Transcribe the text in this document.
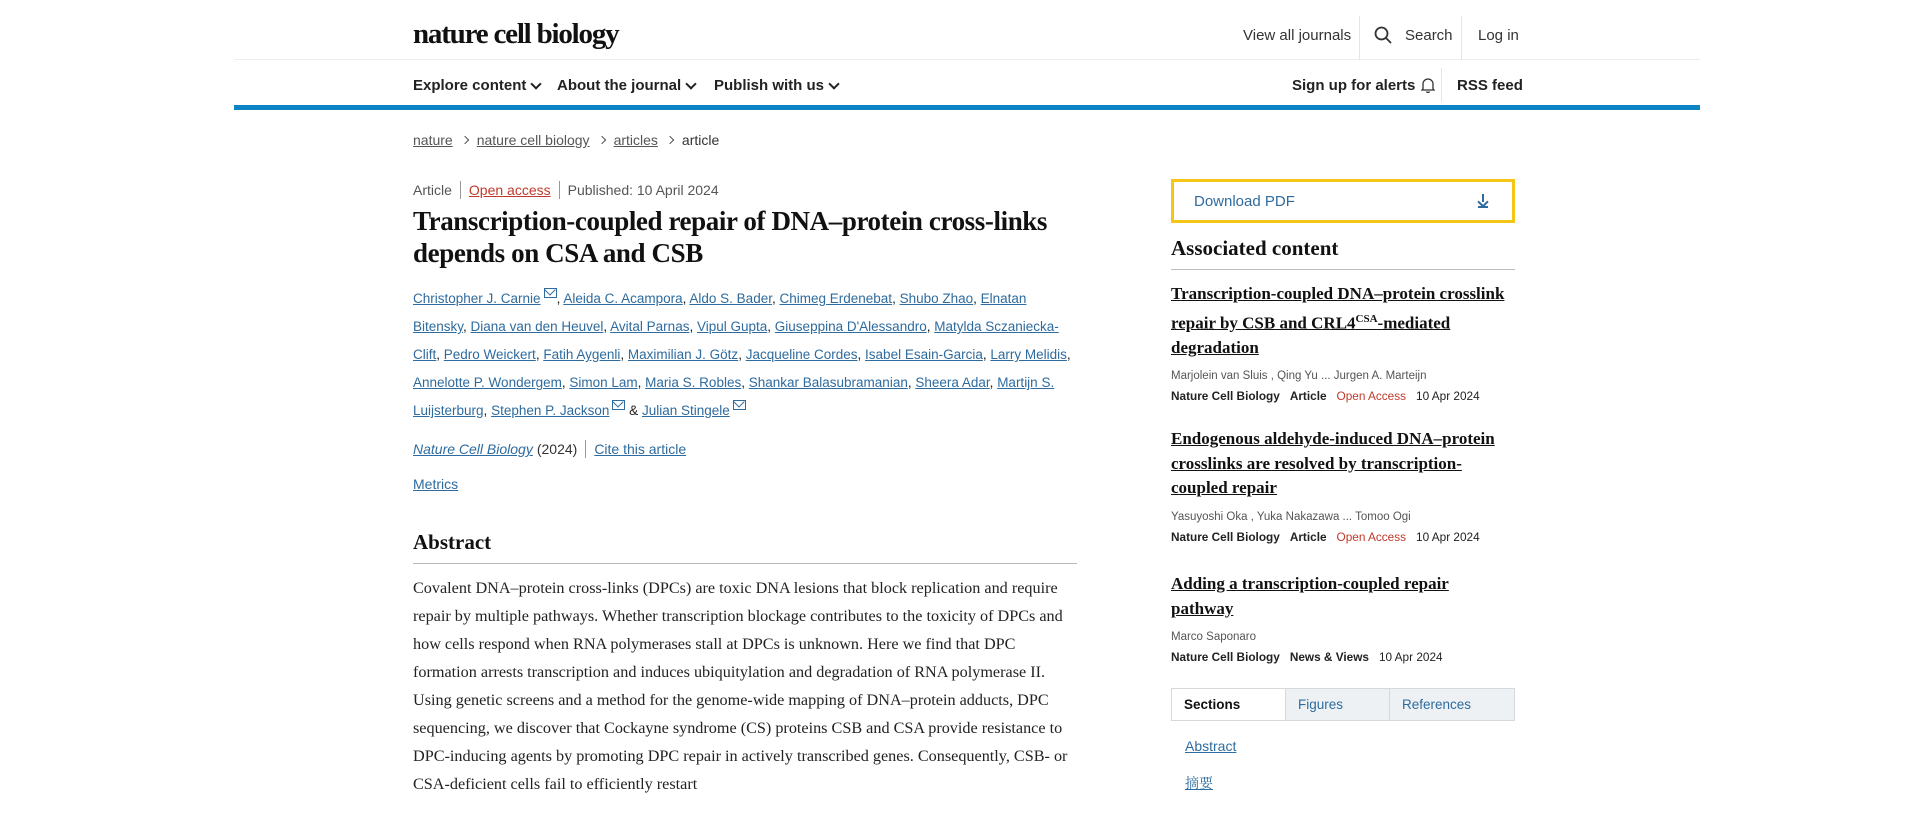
nature cell biology	View all journals	Search Log in
Explore content About the journal Publish with us	Sign up for alerts	RSS feed
nature nature cell biology articles article
Article Open access Published: 10 April 2024
Transcription-coupled repair of DNA–protein cross-links depends on CSA and CSB
Christopher J. Carnie , Aleida C. Acampora, Aldo S. Bader, Chimeg Erdenebat, Shubo Zhao, Elnatan Bitensky, Diana van den Heuvel, Avital Parnas, Vipul Gupta, Giuseppina D'Alessandro, Matylda Sczaniecka-Clift, Pedro Weickert, Fatih Aygenli, Maximilian J. Götz, Jacqueline Cordes, Isabel Esain-Garcia, Larry Melidis, Annelotte P. Wondergem, Simon Lam, Maria S. Robles, Shankar Balasubramanian, Sheera Adar, Martijn S. Luijsterburg, Stephen P. Jackson & Julian Stingele
Nature Cell Biology (2024) Cite this article
Metrics
Abstract

Covalent DNA–protein cross-links (DPCs) are toxic DNA lesions that block replication and require repair by multiple pathways. Whether transcription blockage contributes to the toxicity of DPCs and how cells respond when RNA polymerases stall at DPCs is unknown. Here we find that DPC formation arrests transcription and induces ubiquitylation and degradation of RNA polymerase II. Using genetic screens and a method for the genome-wide mapping of DNA–protein adducts, DPC sequencing, we discover that Cockayne syndrome (CS) proteins CSB and CSA provide resistance to DPC-inducing agents by promoting DPC repair in actively transcribed genes. Consequently, CSB- or CSA-deficient cells fail to efficiently restart

Download PDF
Associated content
Transcription-coupled DNA–protein crosslink repair by CSB and $CRL4^{CSA}$-mediated degradation
Marjolein van Sluis , Qing Yu ... Jurgen A. Marteijn
Nature Cell Biology Article Open Access 10 Apr 2024
Endogenous aldehyde-induced DNA–protein crosslinks are resolved by transcription-coupled repair
Yasuyoshi Oka , Yuka Nakazawa ... Tomoo Ogi
Nature Cell Biology Article Open Access 10 Apr 2024
Adding a transcription-coupled repair pathway
Marco Saponaro
Nature Cell Biology News & Views 10 Apr 2024
Sections	Figures	References
Abstract
摘要
